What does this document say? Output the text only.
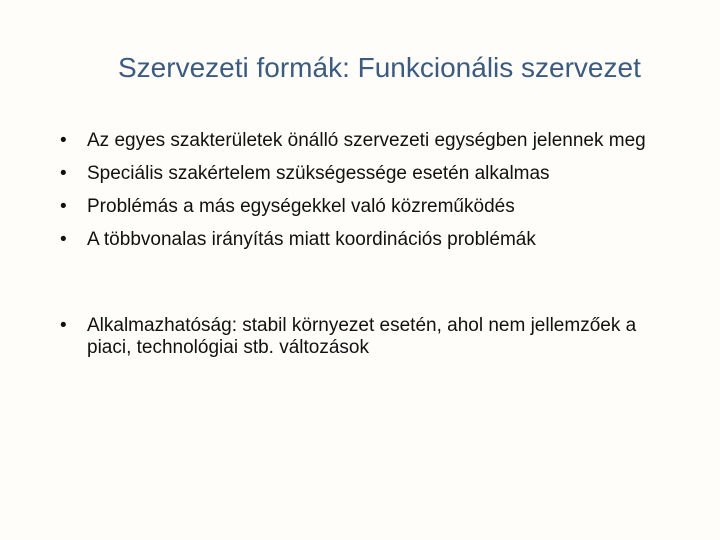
Szervezeti formák: Funkcionális szervezet
•	Az egyes szakterületek önálló szervezeti egységben jelennek meg
•	Speciális szakértelem szükségessége esetén alkalmas
•	Problémás a más egységekkel való közreműködés
•	A többvonalas irányítás miatt koordinációs problémák
•	Alkalmazhatóság: stabil környezet esetén, ahol nem jellemzőek a piaci, technológiai stb. változások
